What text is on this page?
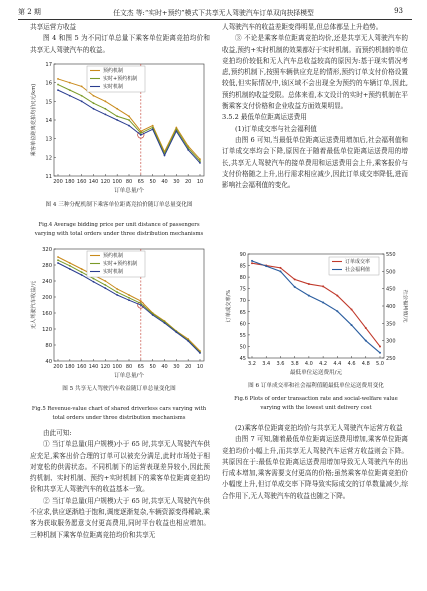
第 2 期	任文杰 等:“实时+预约”模式下共享无人驾驶汽车订单双向抉择模型	93

共享运营方收益

图 4 和图 5 为不同订单总量下乘客单位距离竞拍均价和共享无人驾驶汽车的收益。

11
12
13
14
15
16
17
200 180 160 140 120 100 80 65 50 40 30 20 10
预约机制
实时+预约机制
实时机制
订单总量/个
乘客单位距离竞拍均价/(元/km)
图 4 三种分配机制下乘客单位距离竞拍价随订单总量变化图
Fig.4 Average bidding price per unit distance of passengers varying with total orders under three distribution mechanisms
40
80
120
160
200
240
280
320
200 180 160 140 120 100 80 65 50 40 30 20 10
预约机制
实时+预约机制
实时机制
订单总量/个
无人驾驶汽车收益/元
图 5 共享无人驾驶汽车收益随订单总量变化图
Fig.5 Revenue-value chart of shared driverless cars varying with total orders under three distribution mechanisms

由此可知:

① 当订单总量(用户规模)小于 65 时,共享无人驾驶汽车供应充足,乘客出价合理的订单可以被充分满足,此时市场处于相对宽松的供需状态。不同机制下的运营表现差异较小,因此预约机制、实时机制、预约+实时机制下的乘客单位距离竞拍均价和共享无人驾驶汽车的收益基本一致。

② 当订单总量(用户规模)大于 65 时,共享无人驾驶汽车供不应求,供应逐渐趋于饱和,调度逐渐复杂,车辆资源变得稀缺,乘客为获取服务愿意支付更高费用,同时平台收益也相应增加。三种机制下乘客单位距离竞拍均价和共享无

人驾驶汽车的收益差距变得明显,但总体都呈上升趋势。

③ 不论是乘客单位距离竞拍均价,还是共享无人驾驶汽车的收益,预约+实时机制的效果都好于实时机制。而预约机制的单位竞拍均价较低和无人汽车总收益较高的原因为:基于现实情况考虑,预约机制下,按照车辆供应充足的情形,预约订单支付价格设置较低,但实际情况中,该区域不会出现全为预约的车辆订单,因此,预约机制的收益受限。总体来看,本文设计的实时+预约机制在平衡乘客支付价格和企业收益方面效果明显。

3.5.2 最低单位距离运送费用

(1)订单成交率与社会福利值

由图 6 可知,当最低单位距离运送费用增加后,社会福利值和订单成交率均会下降,原因在于随着最低单位距离运送费用的增长,共享无人驾驶汽车的接单费用和运送费用会上升,乘客报价与支付价格随之上升,出行需求相应减少,因此订单成交率降低,进而影响社会福利值的变化。

45
50
55
60
65
70
75
80
85
90
250
300
350
400
450
500
550
3.2 3.4 3.6 3.8 4.0 4.2 4.4 4.6 4.8 5.0
订单成交率
社会福利值
最低单位运送费用/元
订单成交率/%	社会福利值/元
图 6 订单成交率和社会福利值随最低单位运送费用变化
Fig.6 Plots of order transaction rate and social-welfare value varying with the lowest unit delivery cost

(2)乘客单位距离竞拍均价与共享无人驾驶汽车运营方收益

由图 7 可知,随着最低单位距离运送费用增加,乘客单位距离竞拍均价小幅上升,而共享无人驾驶汽车运营方收益则会下降。其原因在于:最低单位距离运送费用增加导致无人驾驶汽车的出行成本增加,乘客需要支付更高的价格;虽然乘客单位距离竞拍价小幅度上升,但订单成交率下降导致实际成交的订单数量减少,综合作用下,无人驾驶汽车的收益也随之下降。
